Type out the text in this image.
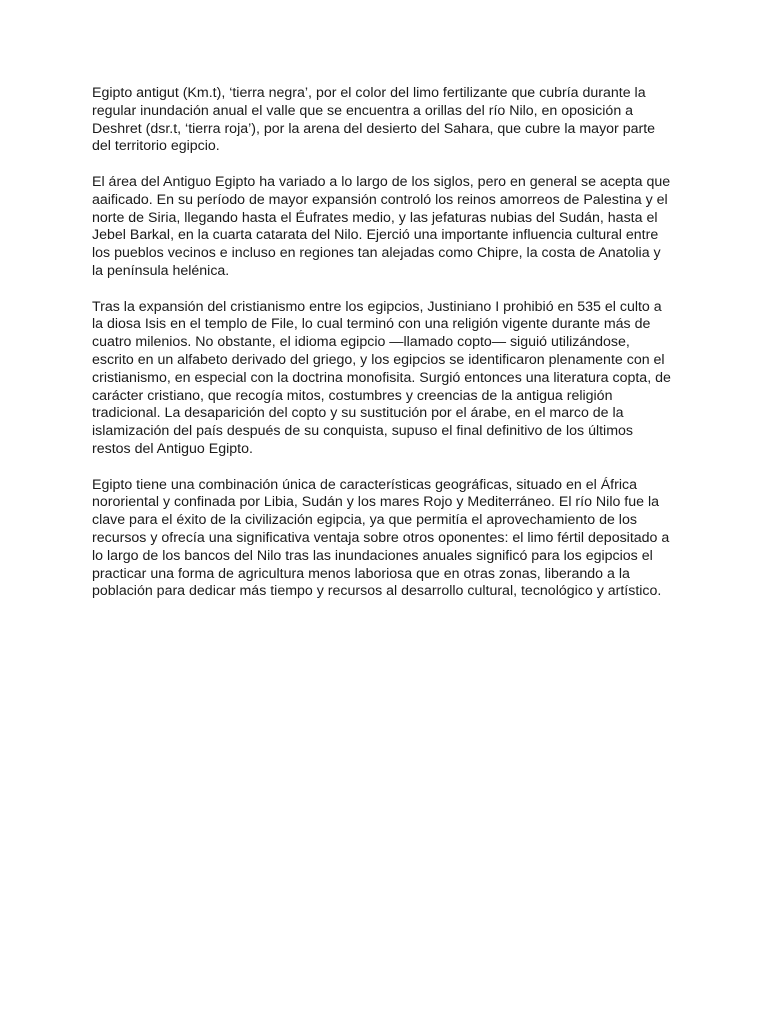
Egipto antigut (Km.t), ‘tierra negra’, por el color del limo fertilizante que cubría durante la
regular inundación anual el valle que se encuentra a orillas del río Nilo, en oposición a
Deshret (dsr.t, ‘tierra roja’), por la arena del desierto del Sahara, que cubre la mayor parte
del territorio egipcio.

El área del Antiguo Egipto ha variado a lo largo de los siglos, pero en general se acepta que
aaificado. En su período de mayor expansión controló los reinos amorreos de Palestina y el
norte de Siria, llegando hasta el Éufrates medio, y las jefaturas nubias del Sudán, hasta el
Jebel Barkal, en la cuarta catarata del Nilo. Ejerció una importante influencia cultural entre
los pueblos vecinos e incluso en regiones tan alejadas como Chipre, la costa de Anatolia y
la península helénica.

Tras la expansión del cristianismo entre los egipcios, Justiniano I prohibió en 535 el culto a
la diosa Isis en el templo de File, lo cual terminó con una religión vigente durante más de
cuatro milenios. No obstante, el idioma egipcio —llamado copto— siguió utilizándose,
escrito en un alfabeto derivado del griego, y los egipcios se identificaron plenamente con el
cristianismo, en especial con la doctrina monofisita. Surgió entonces una literatura copta, de
carácter cristiano, que recogía mitos, costumbres y creencias de la antigua religión
tradicional. La desaparición del copto y su sustitución por el árabe, en el marco de la
islamización del país después de su conquista, supuso el final definitivo de los últimos
restos del Antiguo Egipto.

Egipto tiene una combinación única de características geográficas, situado en el África
nororiental y confinada por Libia, Sudán y los mares Rojo y Mediterráneo. El río Nilo fue la
clave para el éxito de la civilización egipcia, ya que permitía el aprovechamiento de los
recursos y ofrecía una significativa ventaja sobre otros oponentes: el limo fértil depositado a
lo largo de los bancos del Nilo tras las inundaciones anuales significó para los egipcios el
practicar una forma de agricultura menos laboriosa que en otras zonas, liberando a la
población para dedicar más tiempo y recursos al desarrollo cultural, tecnológico y artístico.
